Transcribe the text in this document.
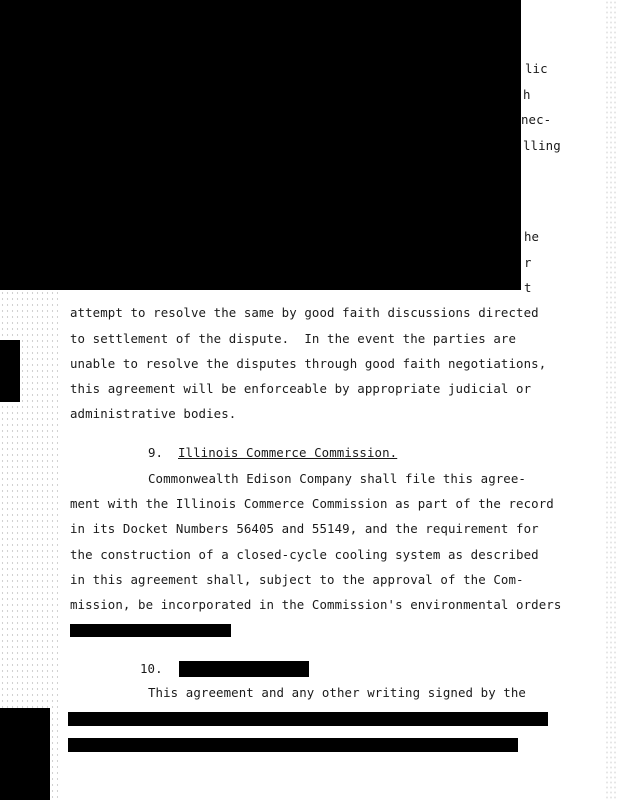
lic
h
nec-
lling
he
r
t
attempt to resolve the same by good faith discussions directed
to settlement of the dispute.  In the event the parties are
unable to resolve the disputes through good faith negotiations,
this agreement will be enforceable by appropriate judicial or
administrative bodies.
9. Illinois Commerce Commission.
Commonwealth Edison Company shall file this agree-
ment with the Illinois Commerce Commission as part of the record
in its Docket Numbers 56405 and 55149, and the requirement for
the construction of a closed-cycle cooling system as described
in this agreement shall, subject to the approval of the Com-
mission, be incorporated in the Commission's environmental orders
10.
This agreement and any other writing signed by the
